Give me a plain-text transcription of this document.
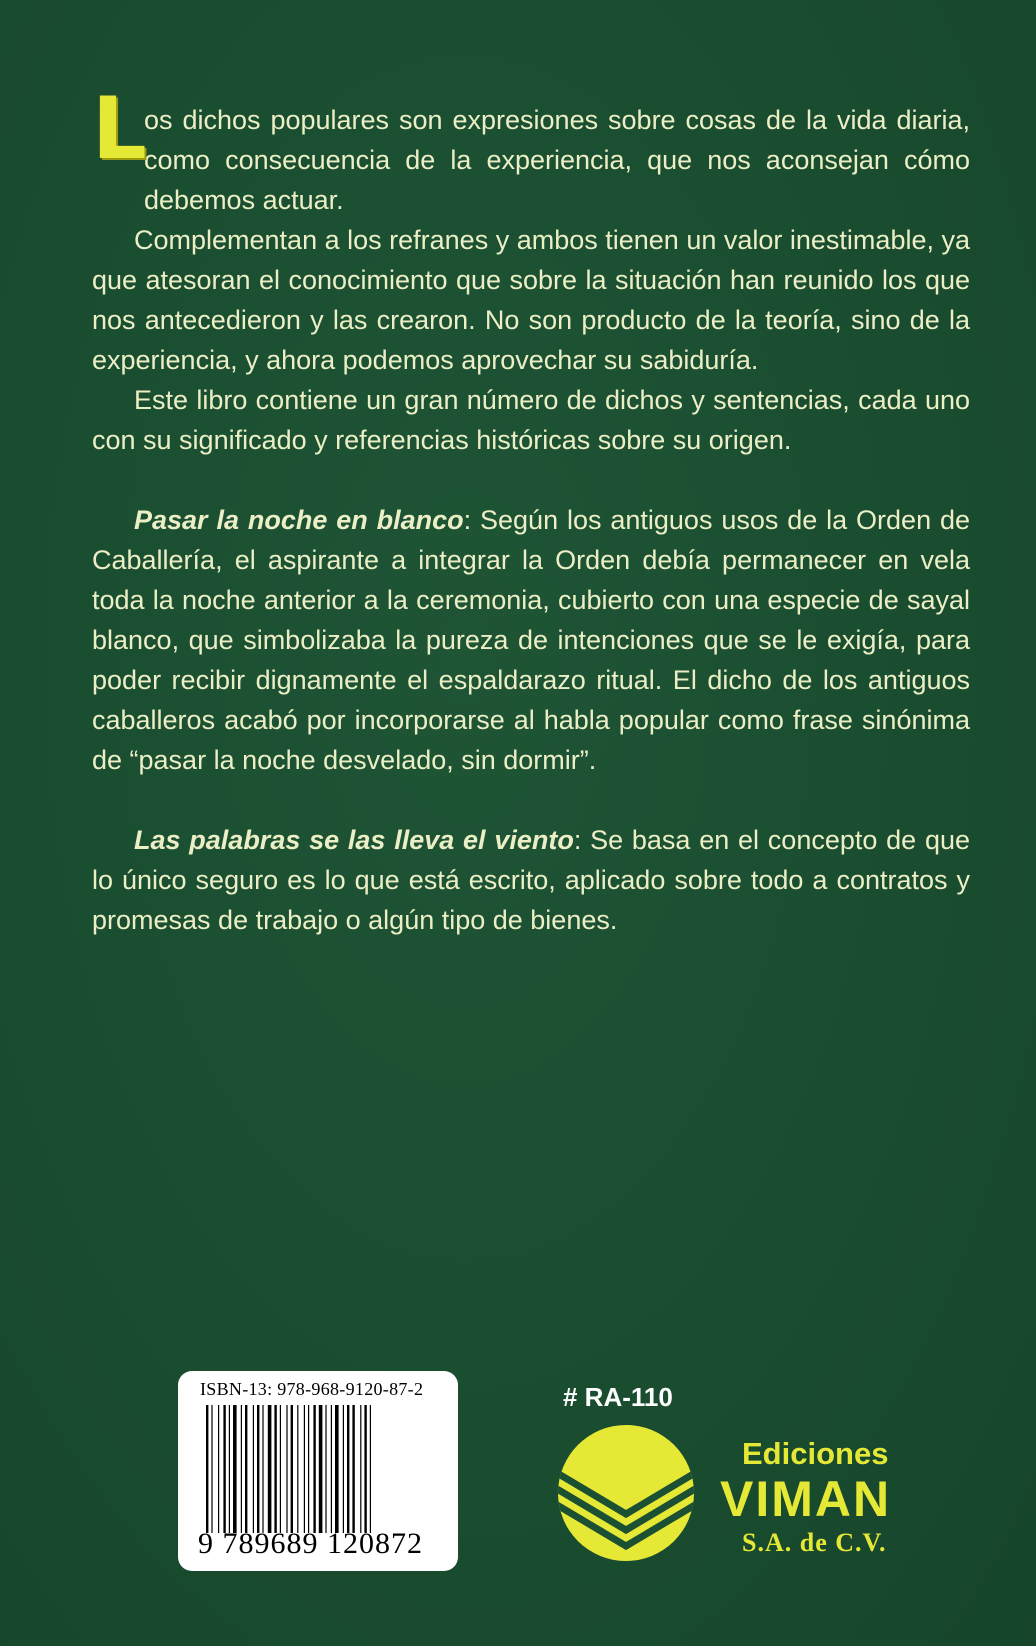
L
os dichos populares son expresiones sobre cosas de la vida diaria, como consecuencia de la experiencia, que nos aconsejan cómo debemos actuar.

Complementan a los refranes y ambos tienen un valor inestimable, ya que atesoran el conocimiento que sobre la situación han reunido los que nos antecedieron y las crearon. No son producto de la teoría, sino de la experiencia, y ahora podemos aprovechar su sabiduría.

Este libro contiene un gran número de dichos y sentencias, cada uno con su significado y referencias históricas sobre su origen.

Pasar la noche en blanco: Según los antiguos usos de la Orden de Caballería, el aspirante a integrar la Orden debía permanecer en vela toda la noche anterior a la ceremonia, cubierto con una especie de sayal blanco, que simbolizaba la pureza de intenciones que se le exigía, para poder recibir dignamente el espaldarazo ritual. El dicho de los antiguos caballeros acabó por incorporarse al habla popular como frase sinónima de “pasar la noche desvelado, sin dormir”.

Las palabras se las lleva el viento: Se basa en el concepto de que lo único seguro es lo que está escrito, aplicado sobre todo a contratos y promesas de trabajo o algún tipo de bienes.

ISBN-13: 978-968-9120-87-2
9 789689 120872
# RA-110
Ediciones
VIMAN
S.A. de C.V.
